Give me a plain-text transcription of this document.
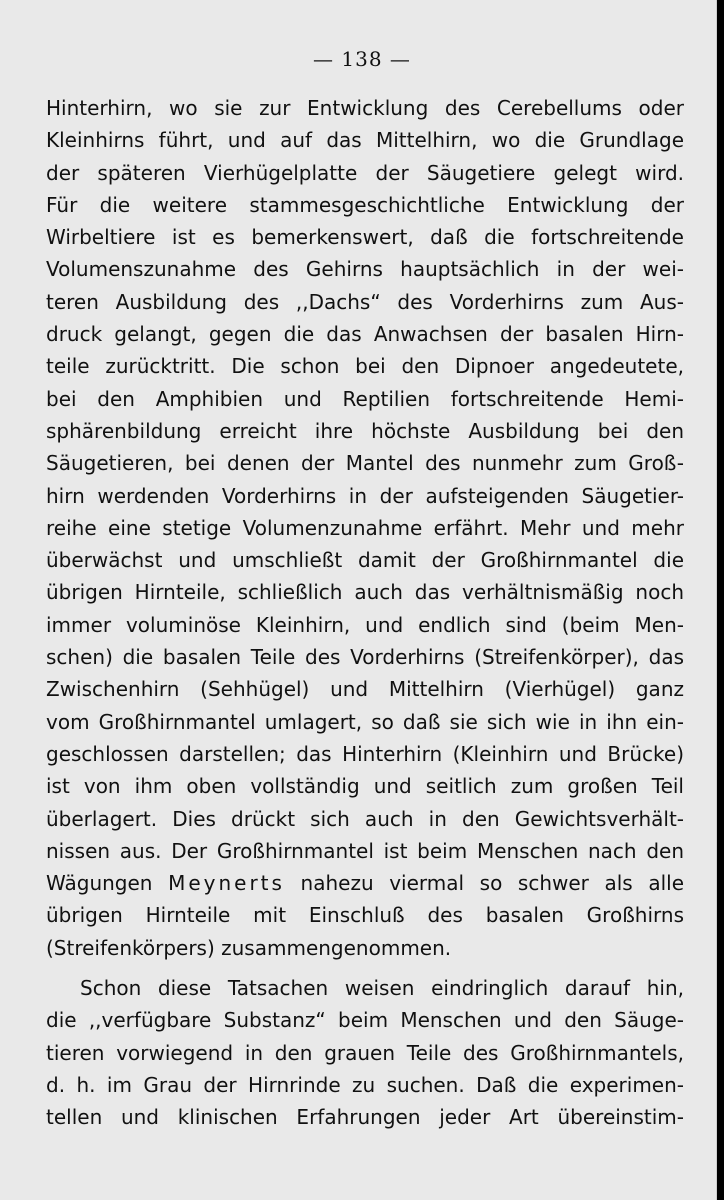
— 138 —
Hinterhirn, wo sie zur Entwicklung des Cerebellums oder
Kleinhirns führt, und auf das Mittelhirn, wo die Grundlage
der späteren Vierhügelplatte der Säugetiere gelegt wird.
Für die weitere stammesgeschichtliche Entwicklung der
Wirbeltiere ist es bemerkenswert, daß die fortschreitende
Volumenszunahme des Gehirns hauptsächlich in der wei-
teren Ausbildung des ,,Dachs“ des Vorderhirns zum Aus-
druck gelangt, gegen die das Anwachsen der basalen Hirn-
teile zurücktritt. Die schon bei den Dipnoer angedeutete,
bei den Amphibien und Reptilien fortschreitende Hemi-
sphärenbildung erreicht ihre höchste Ausbildung bei den
Säugetieren, bei denen der Mantel des nunmehr zum Groß-
hirn werdenden Vorderhirns in der aufsteigenden Säugetier-
reihe eine stetige Volumenzunahme erfährt. Mehr und mehr
überwächst und umschließt damit der Großhirnmantel die
übrigen Hirnteile, schließlich auch das verhältnismäßig noch
immer voluminöse Kleinhirn, und endlich sind (beim Men-
schen) die basalen Teile des Vorderhirns (Streifenkörper), das
Zwischenhirn (Sehhügel) und Mittelhirn (Vierhügel) ganz
vom Großhirnmantel umlagert, so daß sie sich wie in ihn ein-
geschlossen darstellen; das Hinterhirn (Kleinhirn und Brücke)
ist von ihm oben vollständig und seitlich zum großen Teil
überlagert. Dies drückt sich auch in den Gewichtsverhält-
nissen aus. Der Großhirnmantel ist beim Menschen nach den
Wägungen Meynerts nahezu viermal so schwer als alle
übrigen Hirnteile mit Einschluß des basalen Großhirns
(Streifenkörpers) zusammengenommen.
Schon diese Tatsachen weisen eindringlich darauf hin,
die ,,verfügbare Substanz“ beim Menschen und den Säuge-
tieren vorwiegend in den grauen Teile des Großhirnmantels,
d. h. im Grau der Hirnrinde zu suchen. Daß die experimen-
tellen und klinischen Erfahrungen jeder Art übereinstim-
